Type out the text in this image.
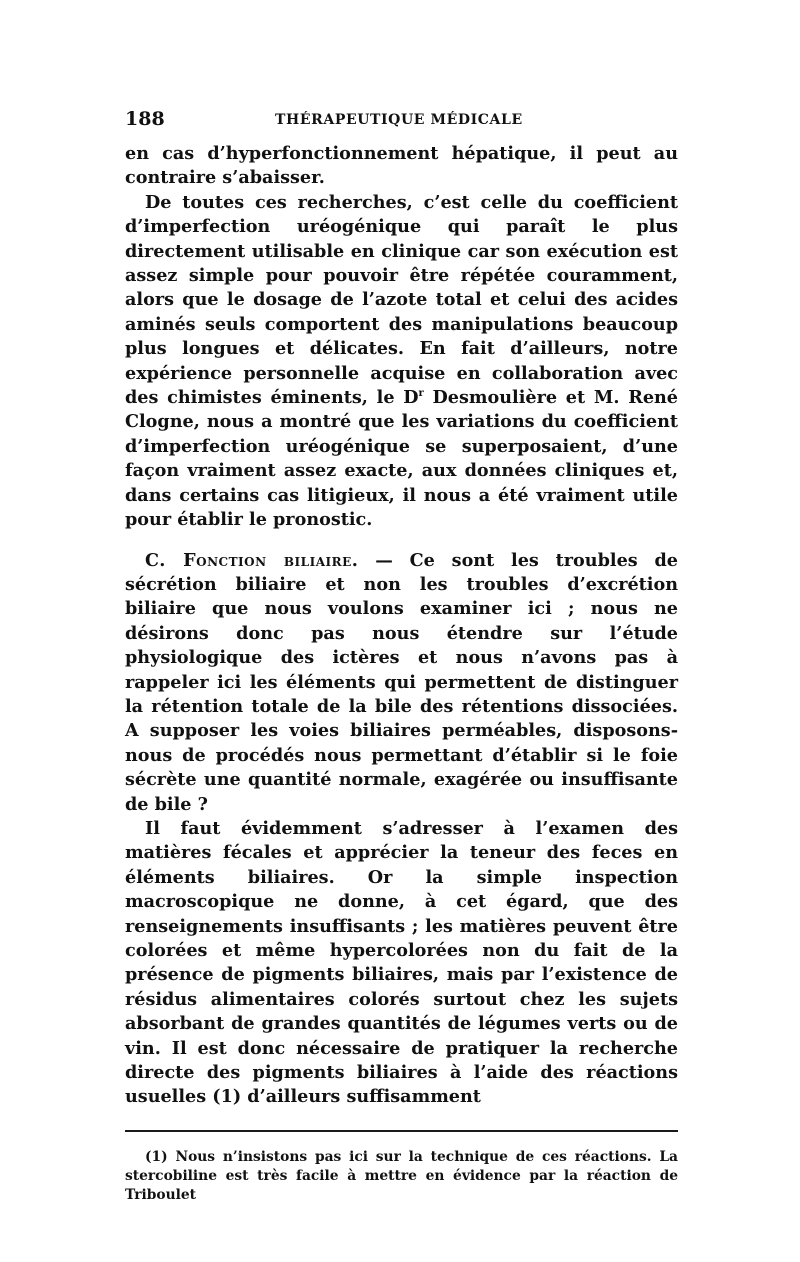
188	THÉRAPEUTIQUE MÉDICALE

en cas d’hyperfonctionnement hépatique, il peut au contraire s’abaisser.

De toutes ces recherches, c’est celle du coefficient d’imperfection uréogénique qui paraît le plus directement utilisable en clinique car son exécution est assez simple pour pouvoir être répétée couramment, alors que le dosage de l’azote total et celui des acides aminés seuls comportent des manipulations beaucoup plus longues et délicates. En fait d’ailleurs, notre expérience personnelle acquise en collaboration avec des chimistes éminents, le $D^r$ Desmoulière et M. René Clogne, nous a montré que les variations du coefficient d’imperfection uréogénique se superposaient, d’une façon vraiment assez exacte, aux données cliniques et, dans certains cas litigieux, il nous a été vraiment utile pour établir le pronostic.

C. Fonction biliaire. — Ce sont les troubles de sécrétion biliaire et non les troubles d’excrétion biliaire que nous voulons examiner ici ; nous ne désirons donc pas nous étendre sur l’étude physiologique des ictères et nous n’avons pas à rappeler ici les éléments qui permettent de distinguer la rétention totale de la bile des rétentions dissociées. A supposer les voies biliaires perméables, disposons-nous de procédés nous permettant d’établir si le foie sécrète une quantité normale, exagérée ou insuffisante de bile ?

Il faut évidemment s’adresser à l’examen des matières fécales et apprécier la teneur des feces en éléments biliaires. Or la simple inspection macroscopique ne donne, à cet égard, que des renseignements insuffisants ; les matières peuvent être colorées et même hypercolorées non du fait de la présence de pigments biliaires, mais par l’existence de résidus alimentaires colorés surtout chez les sujets absorbant de grandes quantités de légumes verts ou de vin. Il est donc nécessaire de pratiquer la recherche directe des pigments biliaires à l’aide des réactions usuelles (1) d’ailleurs suffisamment

(1) Nous n’insistons pas ici sur la technique de ces réactions. La stercobiline est très facile à mettre en évidence par la réaction de Triboulet
